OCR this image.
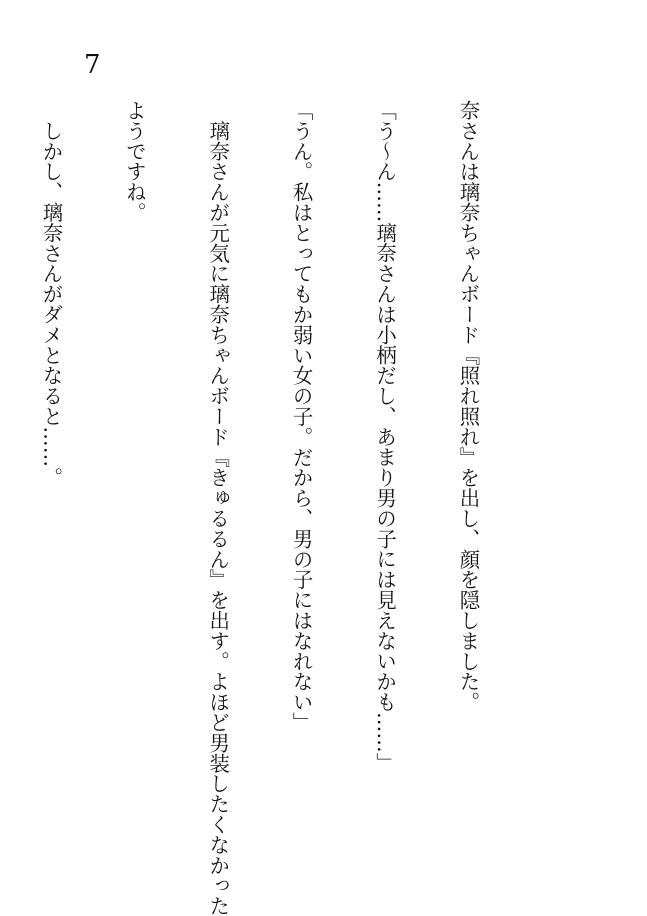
7

奈さんは璃奈ちゃんボード『照れ照れ』を出し、顔を隠しました。

「う〜ん……璃奈さんは小柄だし、あまり男の子には見えないかも……」

「うん。私はとってもか弱い女の子。だから、男の子にはなれない」

　璃奈さんが元気に璃奈ちゃんボード『きゅるるん』を出す。よほど男装したくなかった

ようですね。

　しかし、璃奈さんがダメとなると……。
